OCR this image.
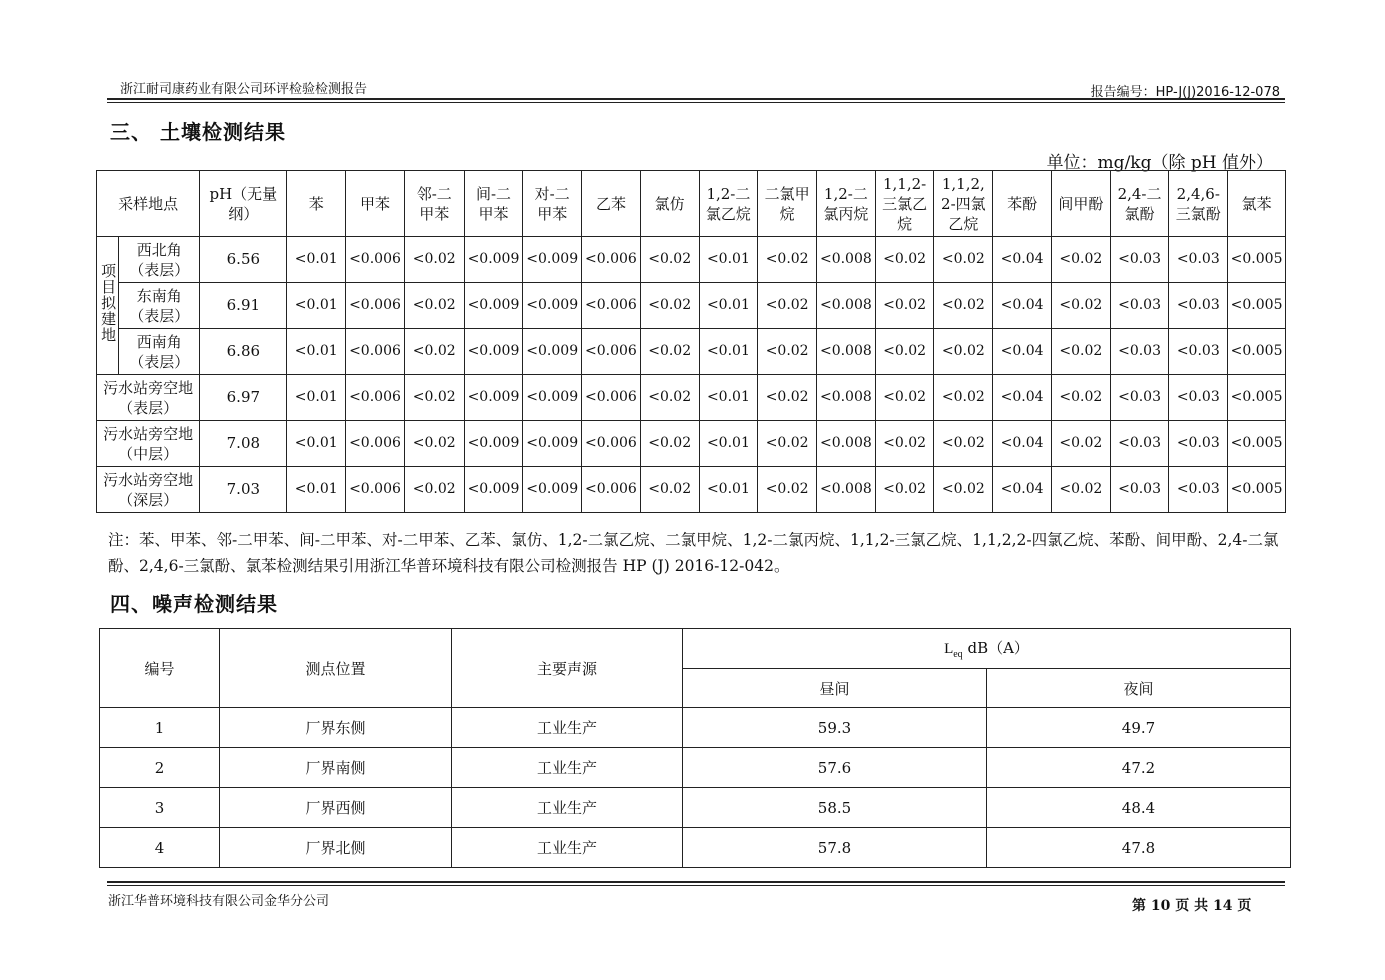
浙江耐司康药业有限公司环评检验检测报告	报告编号：HP-J(J)2016-12-078
三、 土壤检测结果
单位：mg/kg（除 pH 值外）
采样地点		pH（无量纲）	苯	甲苯	邻-二甲苯	间-二甲苯	对-二甲苯	乙苯	氯仿	1,2-二氯乙烷	二氯甲烷	1,2-二氯丙烷	1,1,2-三氯乙烷	1,1,2,2-四氯乙烷	苯酚	间甲酚	2,4-二氯酚	2,4,6-三氯酚	氯苯
项目拟建地	西北角（表层）	6.56	<0.01	<0.006	<0.02	<0.009	<0.009	<0.006	<0.02	<0.01	<0.02	<0.008	<0.02	<0.02	<0.04	<0.02	<0.03	<0.03	<0.005
	东南角（表层）	6.91	<0.01	<0.006	<0.02	<0.009	<0.009	<0.006	<0.02	<0.01	<0.02	<0.008	<0.02	<0.02	<0.04	<0.02	<0.03	<0.03	<0.005
	西南角（表层）	6.86	<0.01	<0.006	<0.02	<0.009	<0.009	<0.006	<0.02	<0.01	<0.02	<0.008	<0.02	<0.02	<0.04	<0.02	<0.03	<0.03	<0.005
污水站旁空地（表层）		6.97	<0.01	<0.006	<0.02	<0.009	<0.009	<0.006	<0.02	<0.01	<0.02	<0.008	<0.02	<0.02	<0.04	<0.02	<0.03	<0.03	<0.005
污水站旁空地（中层）		7.08	<0.01	<0.006	<0.02	<0.009	<0.009	<0.006	<0.02	<0.01	<0.02	<0.008	<0.02	<0.02	<0.04	<0.02	<0.03	<0.03	<0.005
污水站旁空地（深层）		7.03	<0.01	<0.006	<0.02	<0.009	<0.009	<0.006	<0.02	<0.01	<0.02	<0.008	<0.02	<0.02	<0.04	<0.02	<0.03	<0.03	<0.005
注：苯、甲苯、邻-二甲苯、间-二甲苯、对-二甲苯、乙苯、氯仿、1,2-二氯乙烷、二氯甲烷、1,2-二氯丙烷、1,1,2-三氯乙烷、1,1,2,2-四氯乙烷、苯酚、间甲酚、2,4-二氯酚、2,4,6-三氯酚、氯苯检测结果引用浙江华普环境科技有限公司检测报告 HP (J) 2016-12-042。
四、噪声检测结果
编号	测点位置	主要声源	$L_{eq}$ dB（A）	
			昼间	夜间
1	厂界东侧	工业生产	59.3	49.7
2	厂界南侧	工业生产	57.6	47.2
3	厂界西侧	工业生产	58.5	48.4
4	厂界北侧	工业生产	57.8	47.8
浙江华普环境科技有限公司金华分公司	第 10 页 共 14 页
